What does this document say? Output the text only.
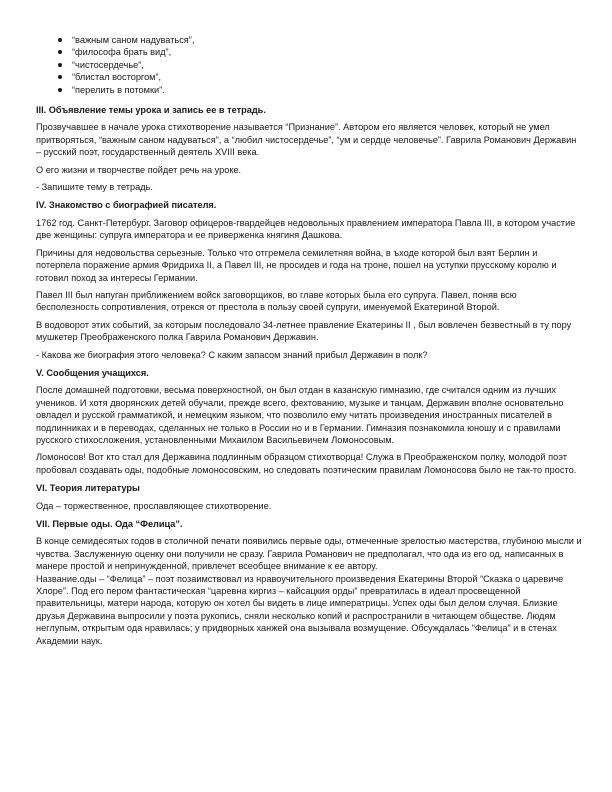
“важным саном надуваться”,
“философа брать вид”,
“чистосердечье”,
“блистал восторгом”,
“перелить в потомки”.
III. Объявление темы урока и запись ее в тетрадь.

Прозвучавшее в начале урока стихотворение называется “Признание”. Автором его является человек, который не умел притворяться, “важным саном надуваться”, а “любил чистосердечье”, “ум и сердце человечье”. Гаврила Романович Державин – русский поэт, государственный деятель XVIII века.

О его жизни и творчестве пойдет речь на уроке.

- Запишите тему в тетрадь.

IV. Знакомство с биографией писателя.

1762 год. Санкт-Петербург. Заговор офицеров-гвардейцев недовольных правлением императора Павла III, в котором участие две женщины: супруга императора и ее приверженка княгиня Дашкова.

Причины для недовольства серьезные. Только что отгремела семилетняя война, в ъходе которой был взят Берлин и потерпела поражение армия Фридриха II, а Павел III, не просидев и года на троне, пошел на уступки прусскому королю и готовил поход за интересы Германии.

Павел III был напуган приближением войск заговорщиков, во главе которых была его супруга. Павел, поняв всю бесполезность сопротивления, отрекся от престола в пользу своей супруги, именуемой Екатериной Второй.

В водоворот этих событий, за которым последовало 34-летнее правление Екатерины II , был вовлечен безвестный в ту пору мушкетер Преображенского полка Гаврила Романович Державин.

- Какова же биография этого человека? С каким запасом знаний прибыл Державин в полк?

V. Сообщения учащихся.

После домашней подготовки, весьма поверхностной, он был отдан в казанскую гимназию, где считался одним из лучших учеников. И хотя дворянских детей обучали, прежде всего, фехтованию, музыке и танцам, Державин вполне основательно овладел и русской грамматикой, и немецким языком, что позволило ему читать произведения иностранных писателей в подлинниках и в переводах, сделанных не только в России но и в Германии. Гимназия познакомила юношу и с правилами русского стихосложения, установленными Михаилом Васильевичем Ломоносовым.

Ломоносов! Вот кто стал для Державина подлинным образцом стихотворца! Служа в Преображенском полку, молодой поэт пробовал создавать оды, подобные ломоносовским, но следовать поэтическим правилам Ломоносова было не так-то просто.

VI. Теория литературы

Ода – торжественное, прославляющее стихотворение.

VII. Первые оды. Ода “Фелица”.

В конце семидесятых годов в столичной печати появились первые оды, отмеченные зрелостью мастерства, глубиною мысли и чувства. Заслуженную оценку они получили не сразу. Гаврила Романович не предполагал, что ода из его од, написанных в манере простой и непринужденной, привлечет всеобщее внимание к ее автору.
Название.оды – “Фелица” – поэт позаимствовал из нравоучительного произведения Екатерины Второй “Сказка о царевиче
Хлоре”. Под его пером фантастическая “царевна киргиз – кайсацкия орды” превратилась в идеал просвещенной правительницы, матери народа, которую он хотел бы видеть в лице императрицы. Успех оды был делом случая. Близкие друзья Державина выпросили у поэта рукопись, сняли несколько копий и распространили в читающем обществе. Людям неглупым, открытым ода нравилась; у придворных ханжей она вызывала возмущение. Обсуждалась “Фелица” и в стенах Академии наук.
